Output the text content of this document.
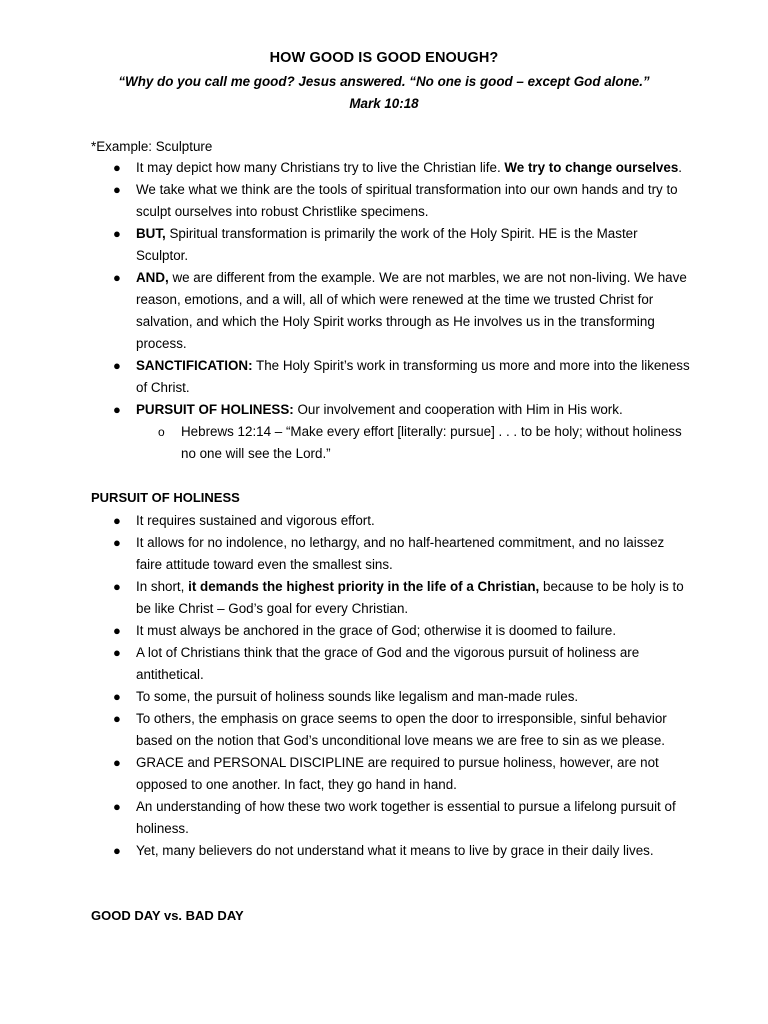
HOW GOOD IS GOOD ENOUGH?
“Why do you call me good? Jesus answered. “No one is good – except God alone.”
Mark 10:18
*Example: Sculpture
● It may depict how many Christians try to live the Christian life. We try to change ourselves.
● We take what we think are the tools of spiritual transformation into our own hands and try to sculpt ourselves into robust Christlike specimens.
● BUT, Spiritual transformation is primarily the work of the Holy Spirit. HE is the Master Sculptor.
● AND, we are different from the example. We are not marbles, we are not non-living. We have reason, emotions, and a will, all of which were renewed at the time we trusted Christ for salvation, and which the Holy Spirit works through as He involves us in the transforming process.
● SANCTIFICATION: The Holy Spirit’s work in transforming us more and more into the likeness of Christ.
● PURSUIT OF HOLINESS: Our involvement and cooperation with Him in His work.
o Hebrews 12:14 – “Make every effort [literally: pursue] . . . to be holy; without holiness no one will see the Lord.”
PURSUIT OF HOLINESS
● It requires sustained and vigorous effort.
● It allows for no indolence, no lethargy, and no half-heartened commitment, and no laissez faire attitude toward even the smallest sins.
● In short, it demands the highest priority in the life of a Christian, because to be holy is to be like Christ – God’s goal for every Christian.
● It must always be anchored in the grace of God; otherwise it is doomed to failure.
● A lot of Christians think that the grace of God and the vigorous pursuit of holiness are antithetical.
● To some, the pursuit of holiness sounds like legalism and man-made rules.
● To others, the emphasis on grace seems to open the door to irresponsible, sinful behavior based on the notion that God’s unconditional love means we are free to sin as we please.
● GRACE and PERSONAL DISCIPLINE are required to pursue holiness, however, are not opposed to one another. In fact, they go hand in hand.
● An understanding of how these two work together is essential to pursue a lifelong pursuit of holiness.
● Yet, many believers do not understand what it means to live by grace in their daily lives.
GOOD DAY vs. BAD DAY
